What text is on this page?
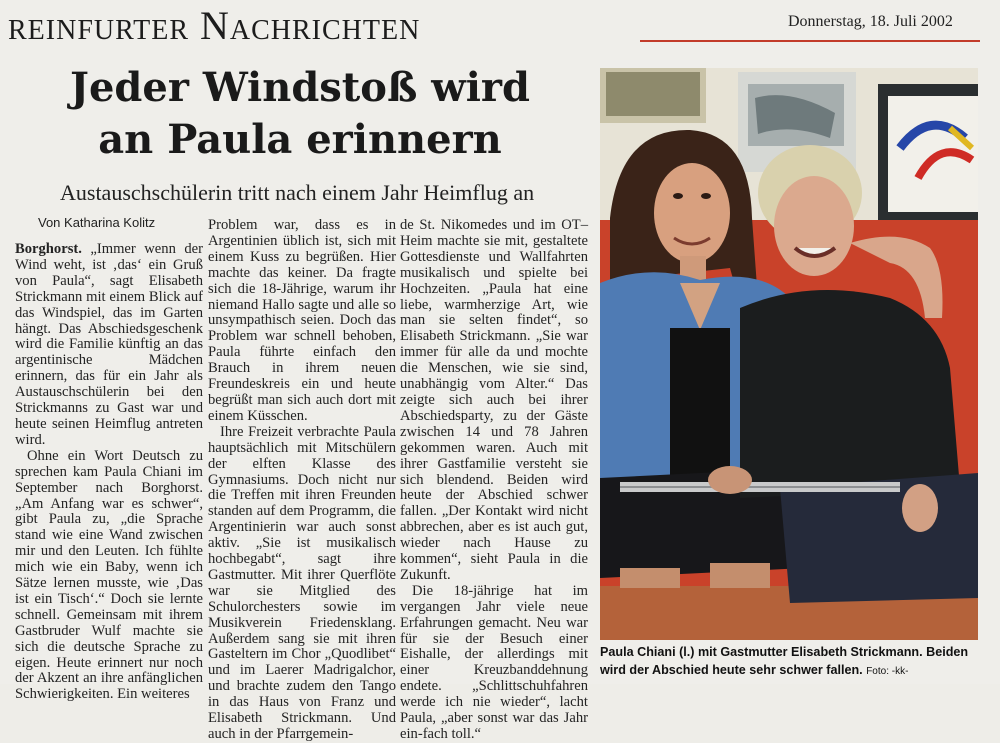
reinfurter Nachrichten	Donnerstag, 18. Juli 2002
Jeder Windstoß wird
an Paula erinnern
Austauschschülerin tritt nach einem Jahr Heimflug an
Von Katharina Kolitz

Borghorst. „Immer wenn der Wind weht, ist ‚das‘ ein Gruß von Paula“, sagt Elisabeth Strickmann mit einem Blick auf das Windspiel, das im Garten hängt. Das Abschiedsgeschenk wird die Familie künftig an das argentinische Mädchen erinnern, das für ein Jahr als Austauschschülerin bei den Strickmanns zu Gast war und heute seinen Heimflug antreten wird.

Ohne ein Wort Deutsch zu sprechen kam Paula Chiani im September nach Borghorst. „Am Anfang war es schwer“, gibt Paula zu, „die Sprache stand wie eine Wand zwischen mir und den Leuten. Ich fühlte mich wie ein Baby, wenn ich Sätze lernen musste, wie ‚Das ist ein Tisch‘.“ Doch sie lernte schnell. Gemeinsam mit ihrem Gastbruder Wulf machte sie sich die deutsche Sprache zu eigen. Heute erinnert nur noch der Akzent an ihre anfänglichen Schwierigkeiten. Ein weiteres

Problem war, dass es in Argentinien üblich ist, sich mit einem Kuss zu begrüßen. Hier machte das keiner. Da fragte sich die 18-Jährige, warum ihr niemand Hallo sagte und alle so unsympathisch seien. Doch das Problem war schnell behoben, Paula führte einfach den Brauch in ihrem neuen Freundeskreis ein und heute begrüßt man sich auch dort mit einem Küsschen.

Ihre Freizeit verbrachte Paula hauptsächlich mit Mitschülern der elften Klasse des Gymnasiums. Doch nicht nur die Treffen mit ihren Freunden standen auf dem Programm, die Argentinierin war auch sonst aktiv. „Sie ist musikalisch hochbegabt“, sagt ihre Gastmutter. Mit ihrer Querflöte war sie Mitglied des Schulorchesters sowie im Musikverein Friedensklang. Außerdem sang sie mit ihren Gasteltern im Chor „Quodlibet“ und im Laerer Madrigalchor, und brachte zudem den Tango in das Haus von Franz und Elisabeth Strickmann. Und auch in der Pfarrgemein-

de St. Nikomedes und im OT–Heim machte sie mit, gestaltete Gottesdienste und Wallfahrten musikalisch und spielte bei Hochzeiten. „Paula hat eine liebe, warmherzige Art, wie man sie selten findet“, so Elisabeth Strickmann. „Sie war immer für alle da und mochte die Menschen, wie sie sind, unabhängig vom Alter.“ Das zeigte sich auch bei ihrer Abschiedsparty, zu der Gäste zwischen 14 und 78 Jahren gekommen waren. Auch mit ihrer Gastfamilie versteht sie sich blendend. Beiden wird heute der Abschied schwer fallen. „Der Kontakt wird nicht abbrechen, aber es ist auch gut, wieder nach Hause zu kommen“, sieht Paula in die Zukunft.

Die 18-jährige hat im vergangen Jahr viele neue Erfahrungen gemacht. Neu war für sie der Besuch einer Eishalle, der allerdings mit einer Kreuzbanddehnung endete. „Schlittschuhfahren werde ich nie wieder“, lacht Paula, „aber sonst war das Jahr ein-fach toll.“

Paula Chiani (l.) mit Gastmutter Elisabeth Strickmann. Beiden wird der Abschied heute sehr schwer fallen. Foto: -kk-
